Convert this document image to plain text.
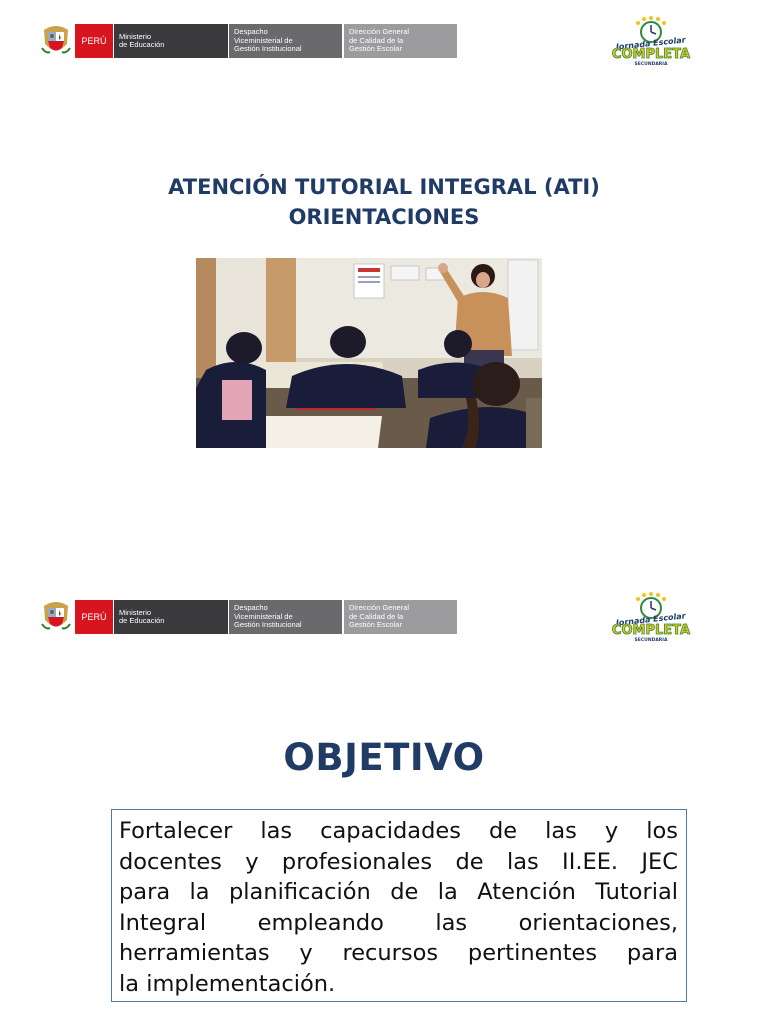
PERÚ	Ministerio
de Educación
Despacho
Viceministerial de
Gestión Institucional
Dirección General
de Calidad de la
Gestión Escolar	Jornada Escolar
COMPLETA
SECUNDARIA
ATENCIÓN TUTORIAL INTEGRAL (ATI)
ORIENTACIONES
PERÚ	Ministerio
de Educación
Despacho
Viceministerial de
Gestión Institucional
Dirección General
de Calidad de la
Gestión Escolar	Jornada Escolar
COMPLETA
SECUNDARIA
OBJETIVO
Fortalecer las capacidades de las y los
docentes y profesionales de las II.EE. JEC
para la planificación de la Atención Tutorial
Integral empleando las orientaciones,
herramientas y recursos pertinentes para
la implementación.
